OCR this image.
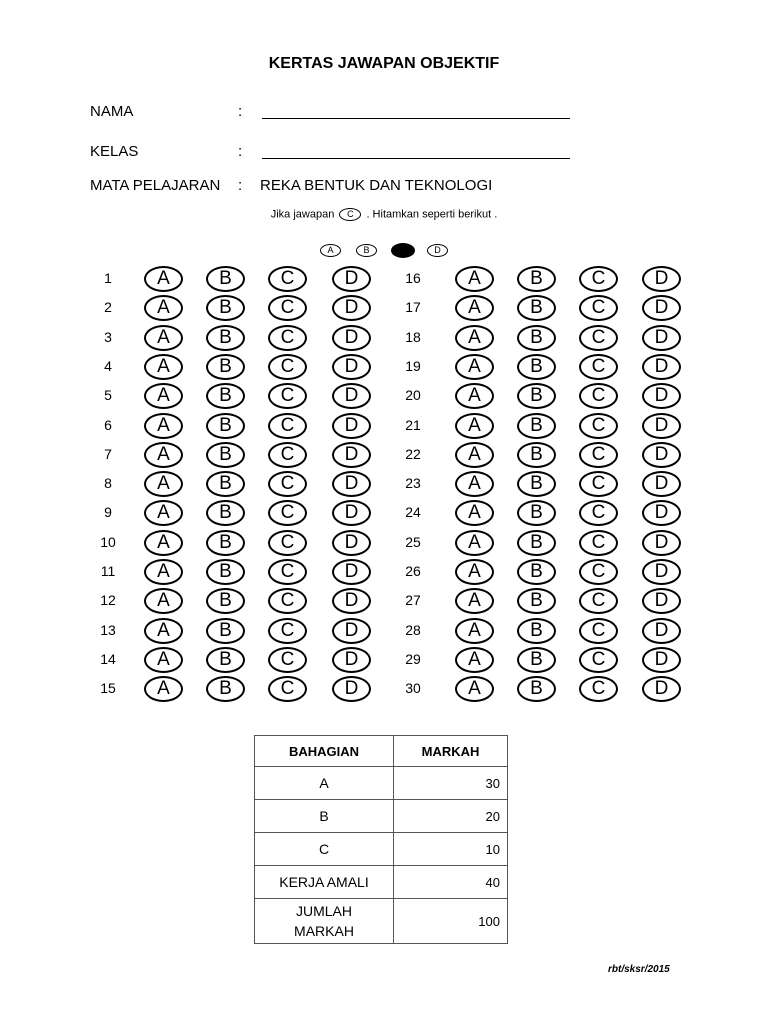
KERTAS JAWAPAN OBJEKTIF
NAMA	:
KELAS	:
MATA PELAJARAN : REKA BENTUK DAN TEKNOLOGI
Jika jawapan C . Hitamkan seperti berikut .
A	B	D
1	A	B	C	D
2	A	B	C	D
3	A	B	C	D
4	A	B	C	D
5	A	B	C	D
6	A	B	C	D
7	A	B	C	D
8	A	B	C	D
9	A	B	C	D
10	A	B	C	D
11	A	B	C	D
12	A	B	C	D
13	A	B	C	D
14	A	B	C	D
15	A	B	C	D
16	A	B	C	D
17	A	B	C	D
18	A	B	C	D
19	A	B	C	D
20	A	B	C	D
21	A	B	C	D
22	A	B	C	D
23	A	B	C	D
24	A	B	C	D
25	A	B	C	D
26	A	B	C	D
27	A	B	C	D
28	A	B	C	D
29	A	B	C	D
30	A	B	C	D
BAHAGIAN	MARKAH
A	30
B	20
C	10
KERJA AMALI	40
JUMLAH
MARKAH	100
rbt/sksr/2015
